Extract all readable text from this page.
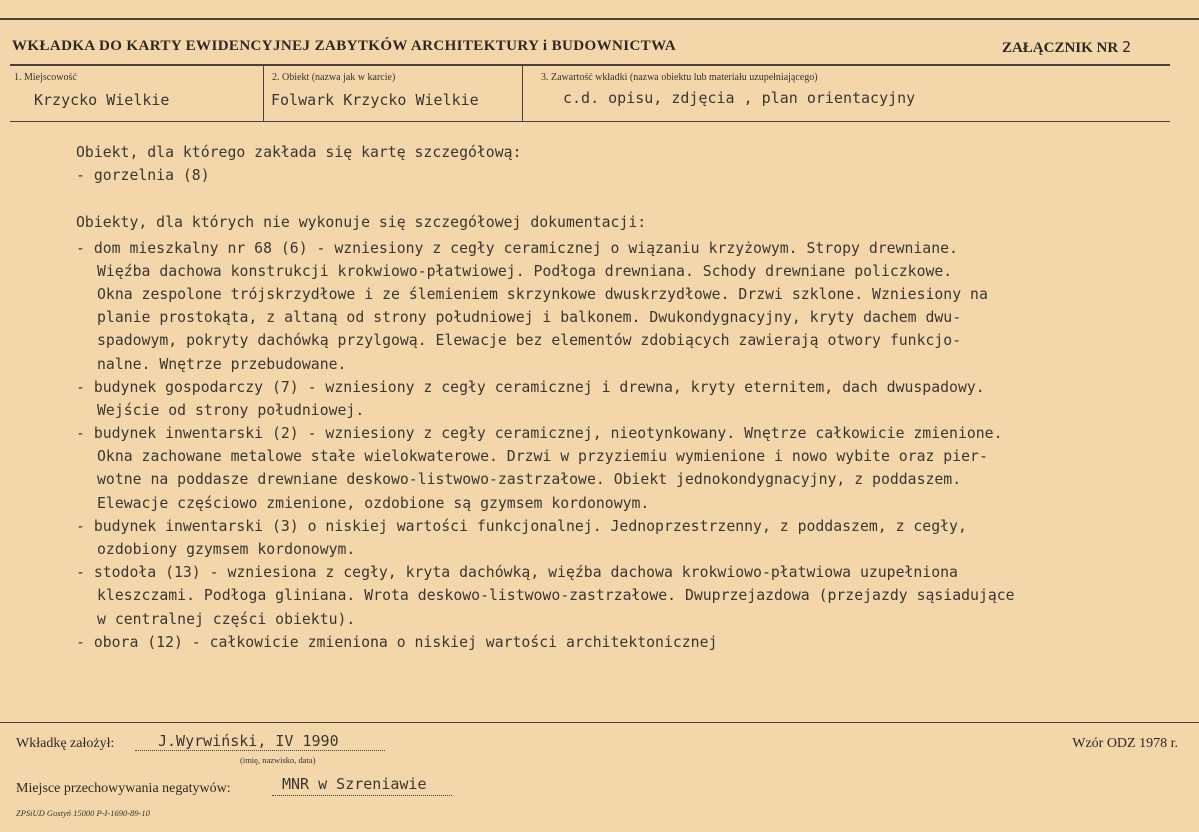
WKŁADKA DO KARTY EWIDENCYJNEJ ZABYTKÓW ARCHITEKTURY i BUDOWNICTWA	ZAŁĄCZNIK NR 2
1. Miejscowość
Krzycko Wielkie
2. Obiekt (nazwa jak w karcie)
Folwark Krzycko Wielkie
3. Zawartość wkładki (nazwa obiektu lub materiału uzupełniającego)
c.d. opisu, zdjęcia , plan orientacyjny
Obiekt, dla którego zakłada się kartę szczegółową:
- gorzelnia (8)
Obiekty, dla których nie wykonuje się szczegółowej dokumentacji:
- dom mieszkalny nr 68 (6) - wzniesiony z cegły ceramicznej o wiązaniu krzyżowym. Stropy drewniane.
Więźba dachowa konstrukcji krokwiowo-płatwiowej. Podłoga drewniana. Schody drewniane policzkowe.
Okna zespolone trójskrzydłowe i ze ślemieniem skrzynkowe dwuskrzydłowe. Drzwi szklone. Wzniesiony na
planie prostokąta, z altaną od strony południowej i balkonem. Dwukondygnacyjny, kryty dachem dwu-
spadowym, pokryty dachówką przylgową. Elewacje bez elementów zdobiących zawierają otwory funkcjo-
nalne. Wnętrze przebudowane.
- budynek gospodarczy (7) - wzniesiony z cegły ceramicznej i drewna, kryty eternitem, dach dwuspadowy.
Wejście od strony południowej.
- budynek inwentarski (2) - wzniesiony z cegły ceramicznej, nieotynkowany. Wnętrze całkowicie zmienione.
Okna zachowane metalowe stałe wielokwaterowe. Drzwi w przyziemiu wymienione i nowo wybite oraz pier-
wotne na poddasze drewniane deskowo-listwowo-zastrzałowe. Obiekt jednokondygnacyjny, z poddaszem.
Elewacje częściowo zmienione, ozdobione są gzymsem kordonowym.
- budynek inwentarski (3) o niskiej wartości funkcjonalnej. Jednoprzestrzenny, z poddaszem, z cegły,
ozdobiony gzymsem kordonowym.
- stodoła (13) - wzniesiona z cegły, kryta dachówką, więźba dachowa krokwiowo-płatwiowa uzupełniona
kleszczami. Podłoga gliniana. Wrota deskowo-listwowo-zastrzałowe. Dwuprzejazdowa (przejazdy sąsiadujące
w centralnej części obiektu).
- obora (12) - całkowicie zmieniona o niskiej wartości architektonicznej
Wkładkę założył:	J.Wyrwiński, IV 1990
(imię, nazwisko, data)
Wzór ODZ 1978 r.
Miejsce przechowywania negatywów:	MNR w Szreniawie
ZPSiUD Gostyń 15000 P-I-1690-89-10
